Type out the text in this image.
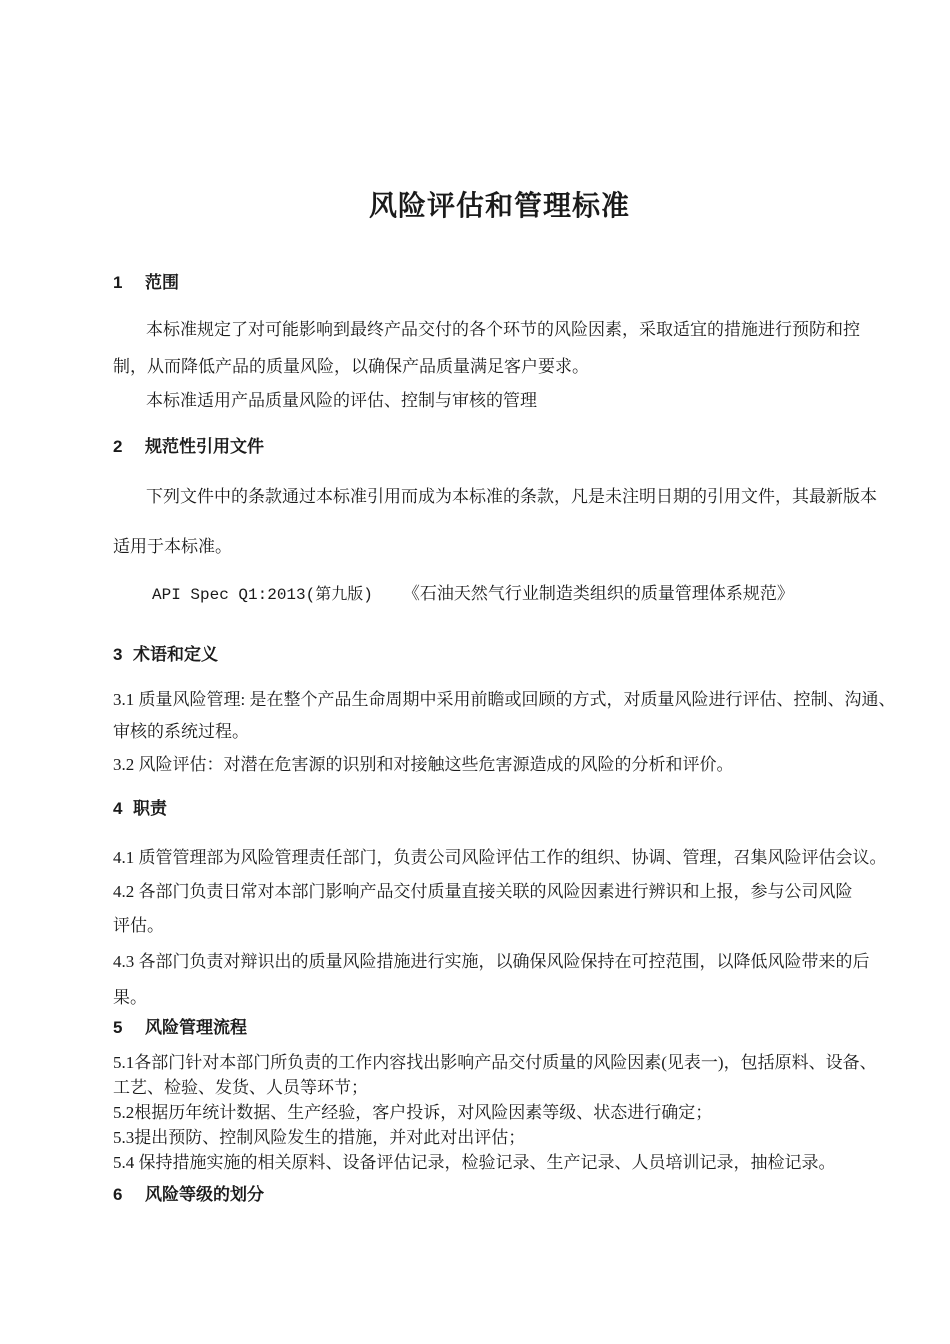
风险评估和管理标准
1 范围
本标准规定了对可能影响到最终产品交付的各个环节的风险因素，采取适宜的措施进行预防和控
制，从而降低产品的质量风险，以确保产品质量满足客户要求。
本标准适用产品质量风险的评估、控制与审核的管理
2 规范性引用文件
下列文件中的条款通过本标准引用而成为本标准的条款，凡是未注明日期的引用文件，其最新版本
适用于本标准。
API Spec Q1:2013(第九版) 《石油天然气行业制造类组织的质量管理体系规范》
3 术语和定义
3.1 质量风险管理: 是在整个产品生命周期中采用前瞻或回顾的方式，对质量风险进行评估、控制、沟通、
审核的系统过程。
3.2 风险评估：对潜在危害源的识别和对接触这些危害源造成的风险的分析和评价。
4 职责
4.1 质管管理部为风险管理责任部门，负责公司风险评估工作的组织、协调、管理，召集风险评估会议。
4.2 各部门负责日常对本部门影响产品交付质量直接关联的风险因素进行辨识和上报，参与公司风险
评估。
4.3 各部门负责对辩识出的质量风险措施进行实施，以确保风险保持在可控范围，以降低风险带来的后
果。
5 风险管理流程
5.1各部门针对本部门所负责的工作内容找出影响产品交付质量的风险因素(见表一)，包括原料、设备、
工艺、检验、发货、人员等环节；
5.2根据历年统计数据、生产经验，客户投诉，对风险因素等级、状态进行确定；
5.3提出预防、控制风险发生的措施，并对此对出评估；
5.4 保持措施实施的相关原料、设备评估记录，检验记录、生产记录、人员培训记录，抽检记录。
6 风险等级的划分
